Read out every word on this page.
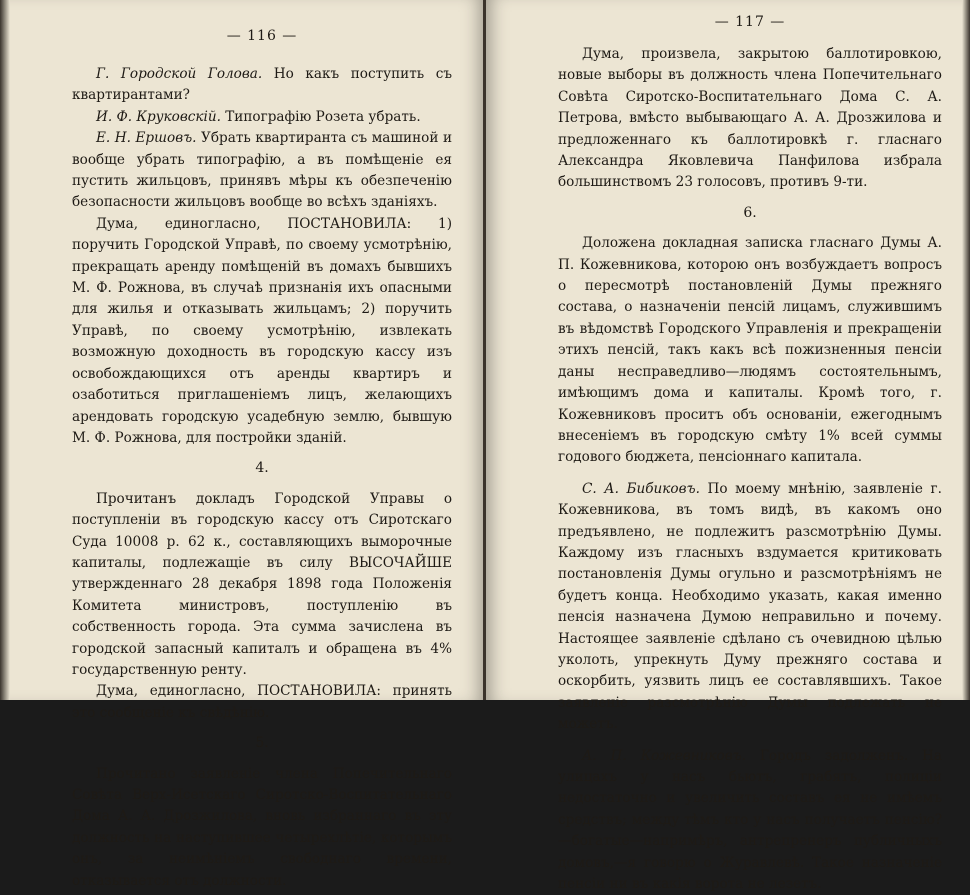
— 116 —

Г. Городской Голова. Но какъ поступить съ квартирантами?

И. Ф. Круковскій. Типографію Розета убрать.

Е. Н. Ершовъ. Убрать квартиранта съ машиной и вообще убрать типографію, а въ помѣщеніе ея пустить жильцовъ, принявъ мѣры къ обезпеченію безопасности жильцовъ вообще во всѣхъ зданіяхъ.

Дума, единогласно, ПОСТАНОВИЛА: 1) поручить Городской Управѣ, по своему усмотрѣнію, прекращать аренду помѣщеній въ домахъ бывшихъ М. Ф. Рожнова, въ случаѣ признанія ихъ опасными для жилья и отказывать жильцамъ; 2) поручить Управѣ, по своему усмотрѣнію, извлекать возможную доходность въ городскую кассу изъ освобождающихся отъ аренды квартиръ и озаботиться приглашеніемъ лицъ, желающихъ арендовать городскую усадебную землю, бывшую М. Ф. Рожнова, для постройки зданій.

4.

Прочитанъ докладъ Городской Управы о поступленіи въ городскую кассу отъ Сиротскаго Суда 10008 р. 62 к., составляющихъ выморочные капиталы, подлежащіе въ силу ВЫСОЧАЙШЕ утвержденнаго 28 декабря 1898 года Положенія Комитета министровъ, поступленію въ собственность города. Эта сумма зачислена въ городской запасный капиталъ и обращена въ 4% государственную ренту.

Дума, единогласно, ПОСТАНОВИЛА: принять это сообщеніе къ свѣдѣнію.

5.

Прочитано заявленіе члена Попечительнаго Совѣта Верх-Исетскаго Сиротско-Воспитательнаго Дома А. А. Дрозжилова, вновь избраннаго въ эту должность на наступившее четырехлѣтіе, которымъ онъ, за неимѣніемъ свободнаго времени, отказывается отъ должности.

— 117 —

Дума, произвела, закрытою баллотировкою, новые выборы въ должность члена Попечительнаго Совѣта Сиротско-Воспитательнаго Дома С. А. Петрова, вмѣсто выбывающаго А. А. Дрозжилова и предложеннаго къ баллотировкѣ г. гласнаго Александра Яковлевича Панфилова избрала большинствомъ 23 голосовъ, противъ 9-ти.

6.

Доложена докладная записка гласнаго Думы А. П. Кожевникова, которою онъ возбуждаетъ вопросъ о пересмотрѣ постановленій Думы прежняго состава, о назначеніи пенсій лицамъ, служившимъ въ вѣдомствѣ Городского Управленія и прекращеніи этихъ пенсій, такъ какъ всѣ пожизненныя пенсіи даны несправедливо—людямъ состоятельнымъ, имѣющимъ дома и капиталы. Кромѣ того, г. Кожевниковъ проситъ объ основаніи, ежегоднымъ внесеніемъ въ городскую смѣту 1% всей суммы годового бюджета, пенсіоннаго капитала.

С. А. Бибиковъ. По моему мнѣнію, заявленіе г. Кожевникова, въ томъ видѣ, въ какомъ оно предъявлено, не подлежитъ разсмотрѣнію Думы. Каждому изъ гласныхъ вздумается критиковать постановленія Думы огульно и разсмотрѣніямъ не будетъ конца. Необходимо указать, какая именно пенсія назначена Думою неправильно и почему. Настоящее заявленіе сдѣлано съ очевидною цѣлью уколоть, упрекнуть Думу прежняго состава и оскорбить, уязвить лицъ ее составлявшихъ. Такое заявленіе разсмотрѣнію Думы подлежать не можетъ.

А. П. Кожевниковъ. Городъ задолженъ. На улицахъ у насъ бьютъ, грабятъ, полиціи недостаточно и увеличить составъ ея не имѣемъ средствъ; между тѣмъ кто у насъ получаетъ пенсію?—богатые—напримѣръ, антрепренеръ публичныхъ домовъ,—я говорю о Журавлевѣ. Такое назначеніе пенсіи ни въ какія ворота не лезетъ.
